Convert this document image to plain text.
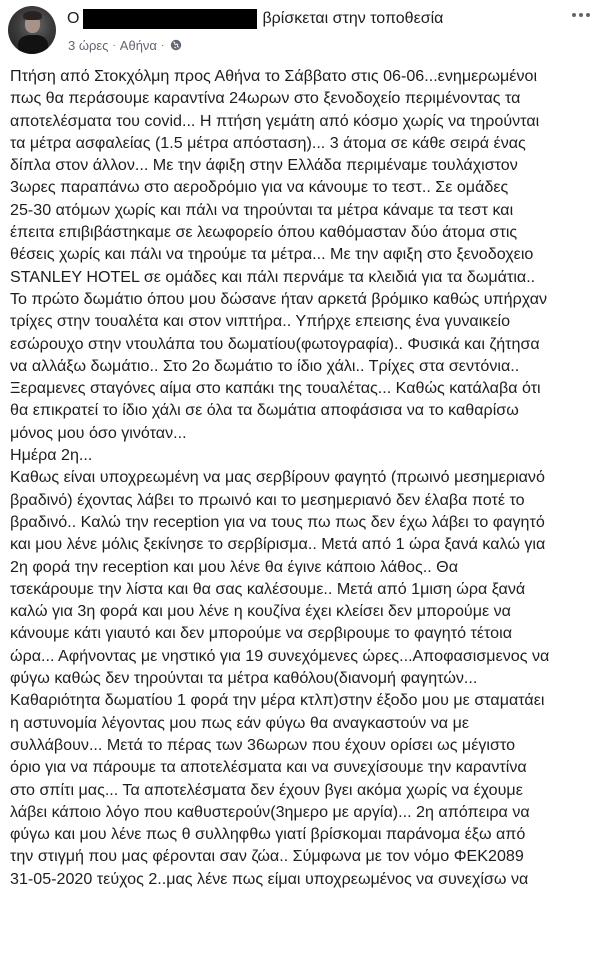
Ο	βρίσκεται στην τοποθεσία
3 ώρες · Αθήνα ·
Πτήση από Στοκχόλμη προς Αθήνα το Σάββατο στις 06-06...ενημερωμένοι
πως θα περάσουμε καραντίνα 24ωρων στο ξενοδοχείο περιμένοντας τα
αποτελέσματα του covid... Η πτήση γεμάτη από κόσμο χωρίς να τηρούνται
τα μέτρα ασφαλείας (1.5 μέτρα απόσταση)... 3 άτομα σε κάθε σειρά ένας
δίπλα στον άλλον... Με την άφιξη στην Ελλάδα περιμέναμε τουλάχιστον
3ωρες παραπάνω στο αεροδρόμιο για να κάνουμε το τεστ.. Σε ομάδες
25-30 ατόμων χωρίς και πάλι να τηρούνται τα μέτρα κάναμε τα τεστ και
έπειτα επιβιβάστηκαμε σε λεωφορείο όπου καθόμασταν δύο άτομα στις
θέσεις χωρίς και πάλι να τηρούμε τα μέτρα... Με την αφιξη στο ξενοδοχειο
STANLEY HOTEL σε ομάδες και πάλι περνάμε τα κλειδιά για τα δωμάτια..
Το πρώτο δωμάτιο όπου μου δώσανε ήταν αρκετά βρόμικο καθώς υπήρχαν
τρίχες στην τουαλέτα και στον νιπτήρα.. Υπήρχε επεισης ένα γυναικείο
εσώρουχο στην ντουλάπα του δωματίου(φωτογραφία).. Φυσικά και ζήτησα
να αλλάξω δωμάτιο.. Στο 2ο δωμάτιο το ίδιο χάλι.. Τρίχες στα σεντόνια..
Ξεραμενες σταγόνες αίμα στο καπάκι της τουαλέτας... Καθώς κατάλαβα ότι
θα επικρατεί το ίδιο χάλι σε όλα τα δωμάτια αποφάσισα να το καθαρίσω
μόνος μου όσο γινόταν...
Ημέρα 2η...
Καθως είναι υποχρεωμένη να μας σερβίρουν φαγητό (πρωινό μεσημεριανό
βραδινό) έχοντας λάβει το πρωινό και το μεσημεριανό δεν έλαβα ποτέ το
βραδινό.. Καλώ την reception για να τους πω πως δεν έχω λάβει το φαγητό
και μου λένε μόλις ξεκίνησε το σερβίρισμα.. Μετά από 1 ώρα ξανά καλώ για
2η φορά την reception και μου λένε θα έγινε κάποιο λάθος.. Θα
τσεκάρουμε την λίστα και θα σας καλέσουμε.. Μετά από 1μιση ώρα ξανά
καλώ για 3η φορά και μου λένε η κουζίνα έχει κλείσει δεν μπορούμε να
κάνουμε κάτι γιαυτό και δεν μπορούμε να σερβιρουμε το φαγητό τέτοια
ώρα... Αφήνοντας με νηστικό για 19 συνεχόμενες ώρες...Αποφασισμενος να
φύγω καθώς δεν τηρούνται τα μέτρα καθόλου(διανομή φαγητών...
Καθαριότητα δωματίου 1 φορά την μέρα κτλπ)στην έξοδο μου με σταματάει
η αστυνομία λέγοντας μου πως εάν φύγω θα αναγκαστούν να με
συλλάβουν... Μετά το πέρας των 36ωρων που έχουν ορίσει ως μέγιστο
όριο για να πάρουμε τα αποτελέσματα και να συνεχίσουμε την καραντίνα
στο σπίτι μας... Τα αποτελέσματα δεν έχουν βγει ακόμα χωρίς να έχουμε
λάβει κάποιο λόγο που καθυστερούν(3ημερο με αργία)... 2η απόπειρα να
φύγω και μου λένε πως θ συλληφθω γιατί βρίσκομαι παράνομα έξω από
την στιγμή που μας φέρονται σαν ζώα.. Σύμφωνα με τον νόμο ΦΕΚ2089
31-05-2020 τεύχος 2..μας λένε πως είμαι υποχρεωμένος να συνεχίσω να
